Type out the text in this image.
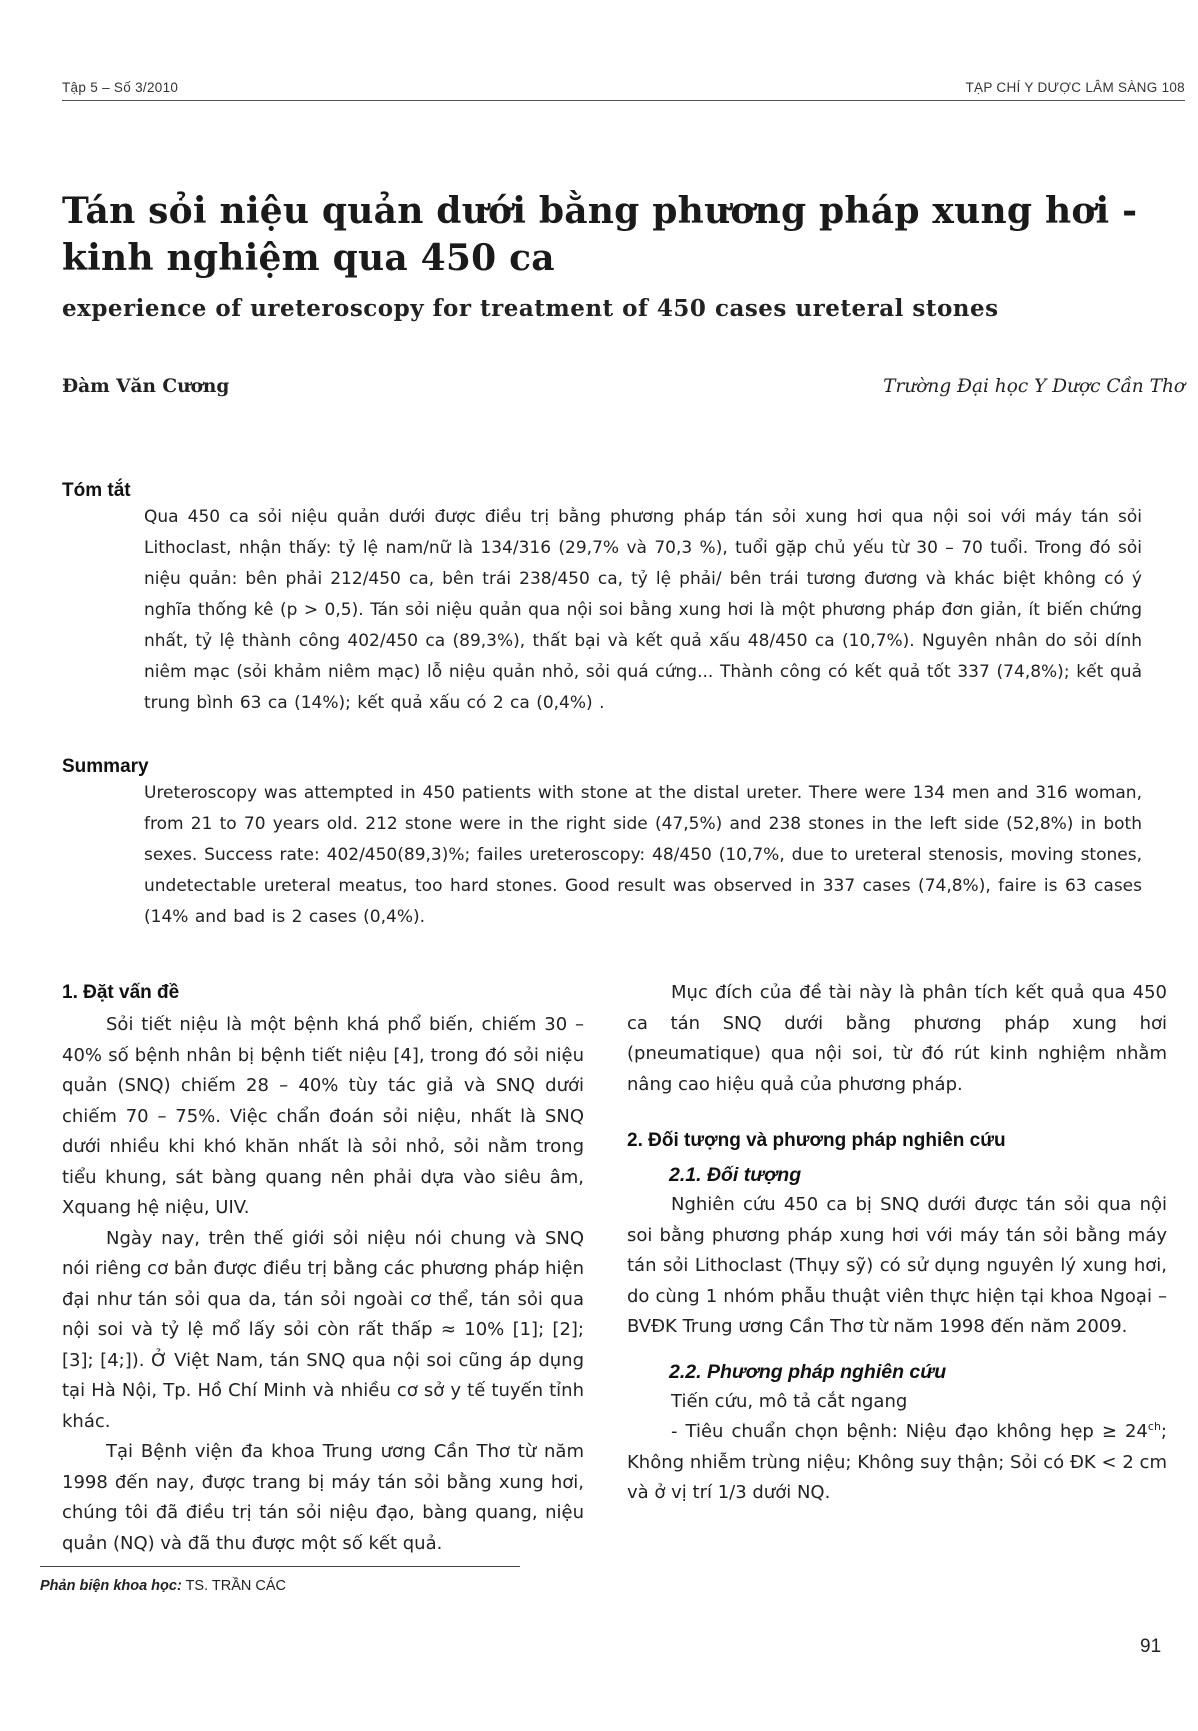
Tập 5 – Số 3/2010	TẠP CHÍ Y DƯỢC LÂM SÀNG 108
Tán sỏi niệu quản dưới bằng phương pháp xung hơi - kinh nghiệm qua 450 ca
experience of ureteroscopy for treatment of 450 cases ureteral stones
Đàm Văn Cương	Trường Đại học Y Dược Cần Thơ
Tóm tắt

Qua 450 ca sỏi niệu quản dưới được điều trị bằng phương pháp tán sỏi xung hơi qua nội soi với máy tán sỏi Lithoclast, nhận thấy: tỷ lệ nam/nữ là 134/316 (29,7% và 70,3 %), tuổi gặp chủ yếu từ 30 – 70 tuổi. Trong đó sỏi niệu quản: bên phải 212/450 ca, bên trái 238/450 ca, tỷ lệ phải/ bên trái tương đương và khác biệt không có ý nghĩa thống kê (p > 0,5). Tán sỏi niệu quản qua nội soi bằng xung hơi là một phương pháp đơn giản, ít biến chứng nhất, tỷ lệ thành công 402/450 ca (89,3%), thất bại và kết quả xấu 48/450 ca (10,7%). Nguyên nhân do sỏi dính niêm mạc (sỏi khảm niêm mạc) lỗ niệu quản nhỏ, sỏi quá cứng... Thành công có kết quả tốt 337 (74,8%); kết quả trung bình 63 ca (14%); kết quả xấu có 2 ca (0,4%) .

Summary

Ureteroscopy was attempted in 450 patients with stone at the distal ureter. There were 134 men and 316 woman, from 21 to 70 years old. 212 stone were in the right side (47,5%) and 238 stones in the left side (52,8%) in both sexes. Success rate: 402/450(89,3)%; failes ureteroscopy: 48/450 (10,7%, due to ureteral stenosis, moving stones, undetectable ureteral meatus, too hard stones. Good result was observed in 337 cases (74,8%), faire is 63 cases (14% and bad is 2 cases (0,4%).

1. Đặt vấn đề

Sỏi tiết niệu là một bệnh khá phổ biến, chiếm 30 – 40% số bệnh nhân bị bệnh tiết niệu [4], trong đó sỏi niệu quản (SNQ) chiếm 28 – 40% tùy tác giả và SNQ dưới chiếm 70 – 75%. Việc chẩn đoán sỏi niệu, nhất là SNQ dưới nhiều khi khó khăn nhất là sỏi nhỏ, sỏi nằm trong tiểu khung, sát bàng quang nên phải dựa vào siêu âm, Xquang hệ niệu, UIV.

Ngày nay, trên thế giới sỏi niệu nói chung và SNQ nói riêng cơ bản được điều trị bằng các phương pháp hiện đại như tán sỏi qua da, tán sỏi ngoài cơ thể, tán sỏi qua nội soi và tỷ lệ mổ lấy sỏi còn rất thấp ≈ 10% [1]; [2]; [3]; [4;]). Ở Việt Nam, tán SNQ qua nội soi cũng áp dụng tại Hà Nội, Tp. Hồ Chí Minh và nhiều cơ sở y tế tuyến tỉnh khác.

Tại Bệnh viện đa khoa Trung ương Cần Thơ từ năm 1998 đến nay, được trang bị máy tán sỏi bằng xung hơi, chúng tôi đã điều trị tán sỏi niệu đạo, bàng quang, niệu quản (NQ) và đã thu được một số kết quả.

Mục đích của đề tài này là phân tích kết quả qua 450 ca tán SNQ dưới bằng phương pháp xung hơi (pneumatique) qua nội soi, từ đó rút kinh nghiệm nhằm nâng cao hiệu quả của phương pháp.

2. Đối tượng và phương pháp nghiên cứu
2.1. Đối tượng

Nghiên cứu 450 ca bị SNQ dưới được tán sỏi qua nội soi bằng phương pháp xung hơi với máy tán sỏi bằng máy tán sỏi Lithoclast (Thụy sỹ) có sử dụng nguyên lý xung hơi, do cùng 1 nhóm phẫu thuật viên thực hiện tại khoa Ngoại – BVĐK Trung ương Cần Thơ từ năm 1998 đến năm 2009.

2.2. Phương pháp nghiên cứu

Tiến cứu, mô tả cắt ngang

- Tiêu chuẩn chọn bệnh: Niệu đạo không hẹp ≥ $24^{ch}$; Không nhiễm trùng niệu; Không suy thận; Sỏi có ĐK < 2 cm và ở vị trí 1/3 dưới NQ.

Phản biện khoa học: TS. TRẦN CÁC
91
